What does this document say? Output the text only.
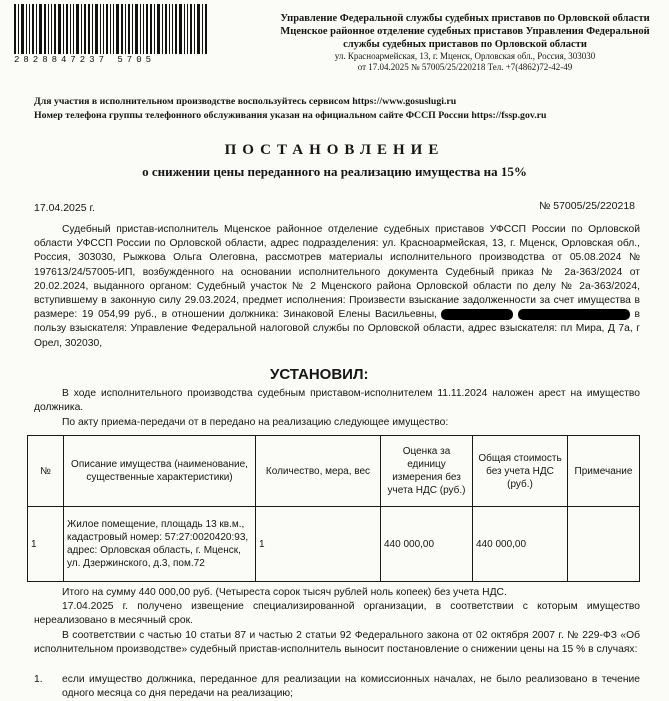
2828847237 5705
Управление Федеральной службы судебных приставов по Орловской области
Мценское районное отделение судебных приставов Управления Федеральной службы судебных приставов по Орловской области
ул. Красноармейская, 13, г. Мценск, Орловская обл., Россия, 303030
от 17.04.2025 № 57005/25/220218 Тел. +7(4862)72-42-49
Для участия в исполнительном производстве воспользуйтесь сервисом https://www.gosuslugi.ru
Номер телефона группы телефонного обслуживания указан на официальном сайте ФССП России https://fssp.gov.ru
ПОСТАНОВЛЕНИЕ
о снижении цены переданного на реализацию имущества на 15%
17.04.2025 г.	№ 57005/25/220218
Судебный пристав-исполнитель Мценское районное отделение судебных приставов УФССП России по Орловской области УФССП России по Орловской области, адрес подразделения: ул. Красноармейская, 13, г. Мценск, Орловская обл., Россия, 303030, Рыжкова Ольга Олеговна, рассмотрев материалы исполнительного производства от 05.08.2024 № 197613/24/57005-ИП, возбужденного на основании исполнительного документа Судебный приказ № 2а-363/2024 от 20.02.2024, выданного органом: Судебный участок № 2 Мценского района Орловской области по делу № 2а-363/2024, вступившему в законную силу 29.03.2024, предмет исполнения: Произвести взыскание задолженности за счет имущества в размере: 19 054,99 руб., в отношении должника: Зинаковой Елены Васильевны,	в пользу взыскателя: Управление Федеральной налоговой службы по Орловской области, адрес взыскателя: пл Мира, Д 7а, г Орел, 302030,
УСТАНОВИЛ:
В ходе исполнительного производства судебным приставом-исполнителем 11.11.2024 наложен арест на имущество должника.
По акту приема-передачи от в передано на реализацию следующее имущество:
№	Описание имущества (наименование, существенные характеристики)	Количество, мера, вес	Оценка за единицу измерения без учета НДС (руб.)	Общая стоимость без учета НДС (руб.)	Примечание
1	Жилое помещение, площадь 13 кв.м., кадастровый номер: 57:27:0020420:93, адрес: Орловская область, г. Мценск, ул. Дзержинского, д.3, пом.72	1	440 000,00	440 000,00	
Итого на сумму 440 000,00 руб. (Четыреста сорок тысяч рублей ноль копеек) без учета НДС.
17.04.2025 г. получено извещение специализированной организации, в соответствии с которым имущество нереализовано в месячный срок.
В соответствии с частью 10 статьи 87 и частью 2 статьи 92 Федерального закона от 02 октября 2007 г. № 229-ФЗ «Об исполнительном производстве» судебный пристав-исполнитель выносит постановление о снижении цены на 15 % в случаях:
1. если имущество должника, переданное для реализации на комиссионных началах, не было реализовано в течение одного месяца со дня передачи на реализацию;
